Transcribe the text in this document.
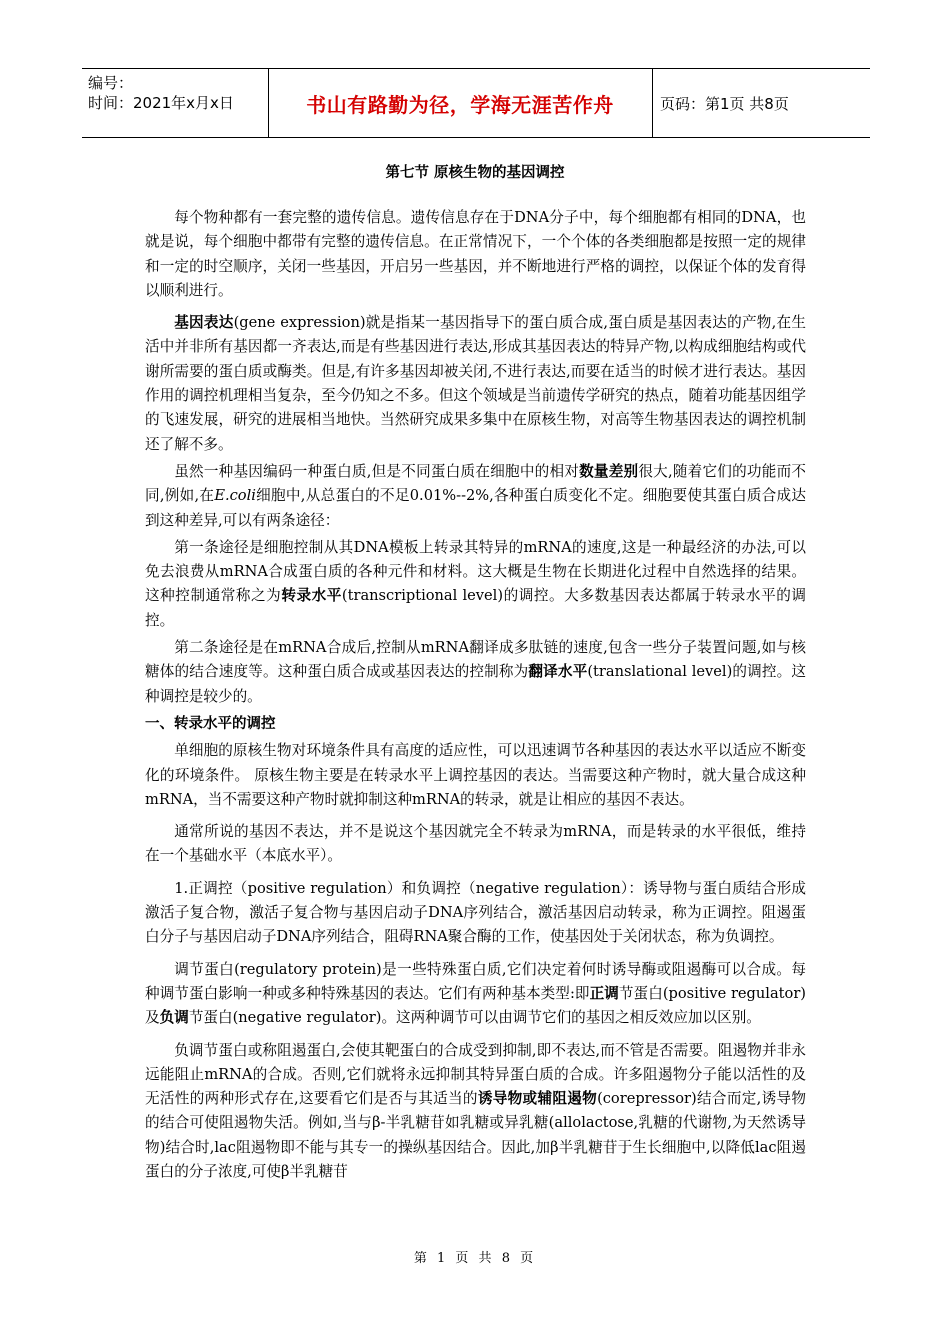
编号：
时间：2021年x月x日	书山有路勤为径，学海无涯苦作舟	页码：第1页 共8页
第七节 原核生物的基因调控

每个物种都有一套完整的遗传信息。遗传信息存在于DNA分子中，每个细胞都有相同的DNA，也就是说，每个细胞中都带有完整的遗传信息。在正常情况下，一个个体的各类细胞都是按照一定的规律和一定的时空顺序，关闭一些基因，开启另一些基因，并不断地进行严格的调控，以保证个体的发育得以顺利进行。

基因表达(gene expression)就是指某一基因指导下的蛋白质合成,蛋白质是基因表达的产物,在生活中并非所有基因都一齐表达,而是有些基因进行表达,形成其基因表达的特异产物,以构成细胞结构或代谢所需要的蛋白质或酶类。但是,有许多基因却被关闭,不进行表达,而要在适当的时候才进行表达。基因作用的调控机理相当复杂，至今仍知之不多。但这个领域是当前遗传学研究的热点，随着功能基因组学的飞速发展，研究的进展相当地快。当然研究成果多集中在原核生物，对高等生物基因表达的调控机制还了解不多。

虽然一种基因编码一种蛋白质,但是不同蛋白质在细胞中的相对数量差别很大,随着它们的功能而不同,例如,在E.coli细胞中,从总蛋白的不足0.01%--2%,各种蛋白质变化不定。细胞要使其蛋白质合成达到这种差异,可以有两条途径：

第一条途径是细胞控制从其DNA模板上转录其特异的mRNA的速度,这是一种最经济的办法,可以免去浪费从mRNA合成蛋白质的各种元件和材料。这大概是生物在长期进化过程中自然选择的结果。这种控制通常称之为转录水平(transcriptional level)的调控。大多数基因表达都属于转录水平的调控。

第二条途径是在mRNA合成后,控制从mRNA翻译成多肽链的速度,包含一些分子装置问题,如与核糖体的结合速度等。这种蛋白质合成或基因表达的控制称为翻译水平(translational level)的调控。这种调控是较少的。

一、转录水平的调控

单细胞的原核生物对环境条件具有高度的适应性，可以迅速调节各种基因的表达水平以适应不断变化的环境条件。 原核生物主要是在转录水平上调控基因的表达。当需要这种产物时，就大量合成这种mRNA，当不需要这种产物时就抑制这种mRNA的转录，就是让相应的基因不表达。

通常所说的基因不表达，并不是说这个基因就完全不转录为mRNA，而是转录的水平很低，维持在一个基础水平（本底水平）。

1.正调控（positive regulation）和负调控（negative regulation）：诱导物与蛋白质结合形成激活子复合物，激活子复合物与基因启动子DNA序列结合，激活基因启动转录，称为正调控。阻遏蛋白分子与基因启动子DNA序列结合，阻碍RNA聚合酶的工作，使基因处于关闭状态，称为负调控。

调节蛋白(regulatory protein)是一些特殊蛋白质,它们决定着何时诱导酶或阻遏酶可以合成。每种调节蛋白影响一种或多种特殊基因的表达。它们有两种基本类型:即正调节蛋白(positive regulator)及负调节蛋白(negative regulator)。这两种调节可以由调节它们的基因之相反效应加以区别。

负调节蛋白或称阻遏蛋白,会使其靶蛋白的合成受到抑制,即不表达,而不管是否需要。阻遏物并非永远能阻止mRNA的合成。否则,它们就将永远抑制其特异蛋白质的合成。许多阻遏物分子能以活性的及无活性的两种形式存在,这要看它们是否与其适当的诱导物或辅阻遏物(corepressor)结合而定,诱导物的结合可使阻遏物失活。例如,当与β-半乳糖苷如乳糖或异乳糖(allolactose,乳糖的代谢物,为天然诱导物)结合时,lac阻遏物即不能与其专一的操纵基因结合。因此,加β半乳糖苷于生长细胞中,以降低lac阻遏蛋白的分子浓度,可使β半乳糖苷

第 1 页 共 8 页
